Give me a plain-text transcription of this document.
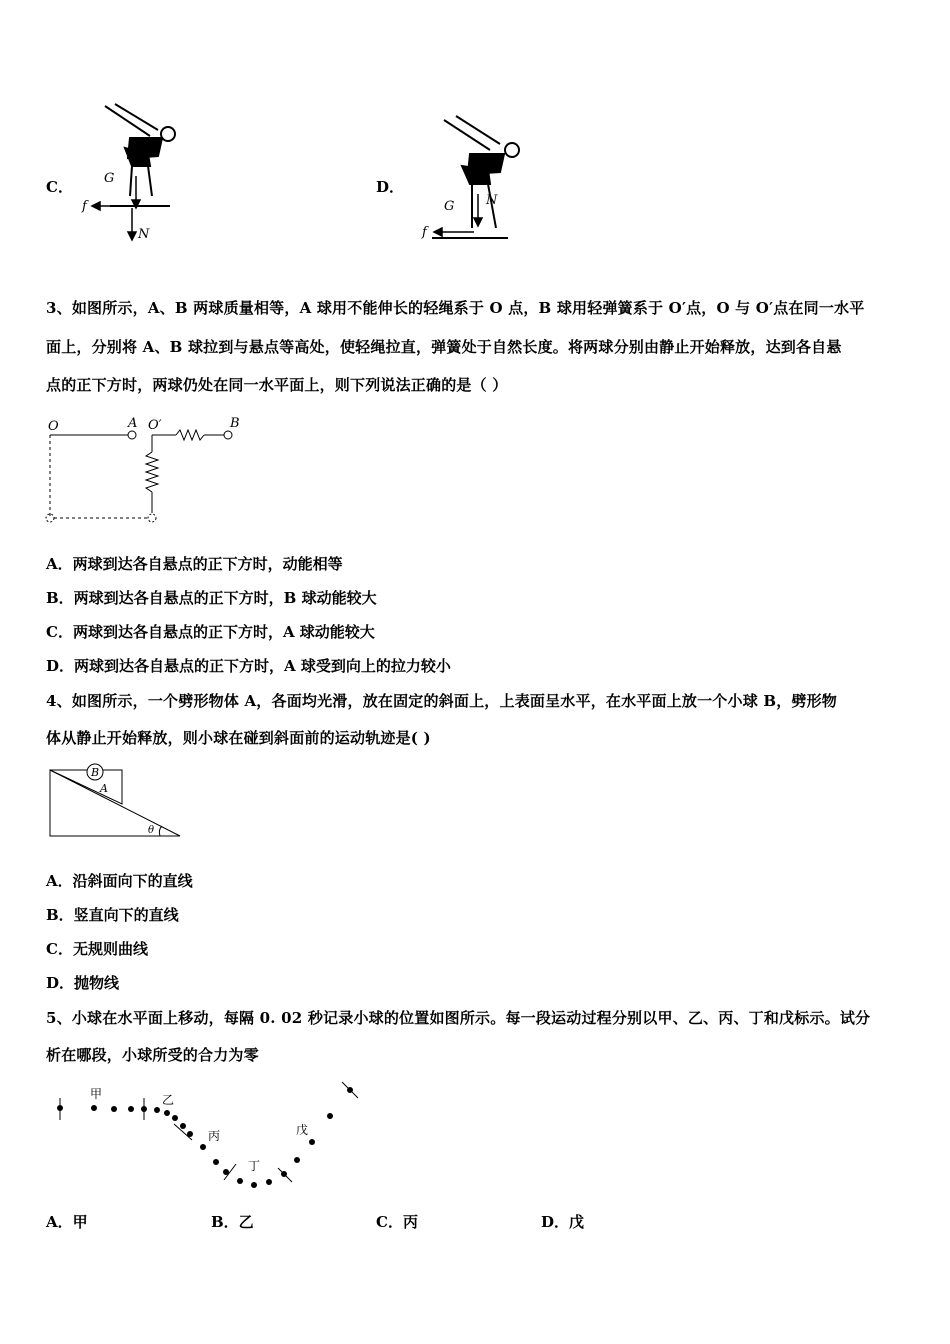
C．	D．
G
f
N
G
f
N
3、如图所示，A、B 两球质量相等，A 球用不能伸长的轻绳系于 O 点，B 球用轻弹簧系于 O′点，O 与 O′点在同一水平
面上，分别将 A、B 球拉到与悬点等高处，使轻绳拉直，弹簧处于自然长度。将两球分别由静止开始释放，达到各自悬
点的正下方时，两球仍处在同一水平面上，则下列说法正确的是（ ）
O	A O′	B
A．两球到达各自悬点的正下方时，动能相等
B．两球到达各自悬点的正下方时，B 球动能较大
C．两球到达各自悬点的正下方时，A 球动能较大
D．两球到达各自悬点的正下方时，A 球受到向上的拉力较小
4、如图所示，一个劈形物体 A，各面均光滑，放在固定的斜面上，上表面呈水平，在水平面上放一个小球 B，劈形物
体从静止开始释放，则小球在碰到斜面前的运动轨迹是( )
B
A
θ
A．沿斜面向下的直线
B．竖直向下的直线
C．无规则曲线
D．抛物线
5、小球在水平面上移动，每隔 0. 02 秒记录小球的位置如图所示。每一段运动过程分别以甲、乙、丙、丁和戊标示。试分
析在哪段，小球所受的合力为零
甲	乙
丙
丁
戊
A．甲	B．乙	C．丙	D．戊
